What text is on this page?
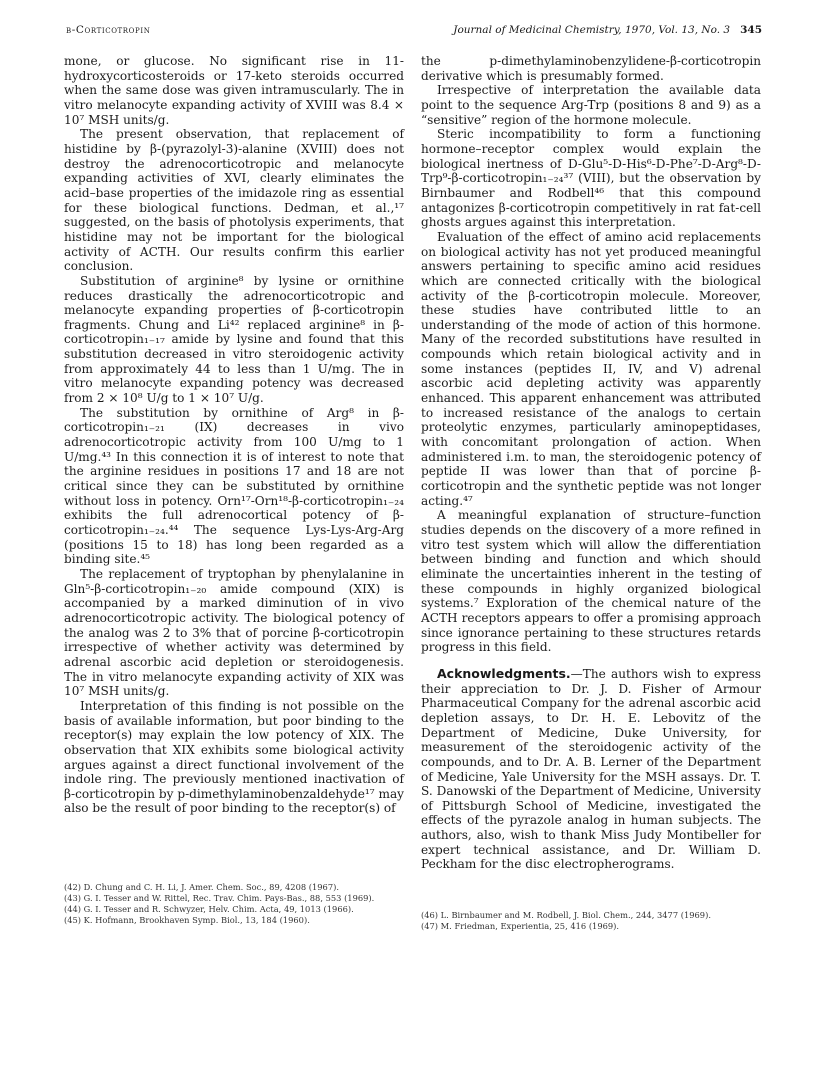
β-Corticotropin	Journal of Medicinal Chemistry, 1970, Vol. 13, No. 3 345

mone, or glucose. No significant rise in 11-hydroxycorticosteroids or 17-keto steroids occurred when the same dose was given intramuscularly. The in vitro melanocyte expanding activity of XVIII was 8.4 × 10⁷ MSH units/g.

The present observation, that replacement of histidine by β-(pyrazolyl-3)-alanine (XVIII) does not destroy the adrenocorticotropic and melanocyte expanding activities of XVI, clearly eliminates the acid–base properties of the imidazole ring as essential for these biological functions. Dedman, et al.,¹⁷ suggested, on the basis of photolysis experiments, that histidine may not be important for the biological activity of ACTH. Our results confirm this earlier conclusion.

Substitution of arginine⁸ by lysine or ornithine reduces drastically the adrenocorticotropic and melanocyte expanding properties of β-corticotropin fragments. Chung and Li⁴² replaced arginine⁸ in β-corticotropin₁₋₁₇ amide by lysine and found that this substitution decreased in vitro steroidogenic activity from approximately 44 to less than 1 U/mg. The in vitro melanocyte expanding potency was decreased from 2 × 10⁸ U/g to 1 × 10⁷ U/g.

The substitution by ornithine of Arg⁸ in β-corticotropin₁₋₂₁ (IX) decreases in vivo adrenocorticotropic activity from 100 U/mg to 1 U/mg.⁴³ In this connection it is of interest to note that the arginine residues in positions 17 and 18 are not critical since they can be substituted by ornithine without loss in potency. Orn¹⁷-Orn¹⁸-β-corticotropin₁₋₂₄ exhibits the full adrenocortical potency of β-corticotropin₁₋₂₄.⁴⁴ The sequence Lys-Lys-Arg-Arg (positions 15 to 18) has long been regarded as a binding site.⁴⁵

The replacement of tryptophan by phenylalanine in Gln⁵-β-corticotropin₁₋₂₀ amide compound (XIX) is accompanied by a marked diminution of in vivo adrenocorticotropic activity. The biological potency of the analog was 2 to 3% that of porcine β-corticotropin irrespective of whether activity was determined by adrenal ascorbic acid depletion or steroidogenesis. The in vitro melanocyte expanding activity of XIX was 10⁷ MSH units/g.

Interpretation of this finding is not possible on the basis of available information, but poor binding to the receptor(s) may explain the low potency of XIX. The observation that XIX exhibits some biological activity argues against a direct functional involvement of the indole ring. The previously mentioned inactivation of β-corticotropin by p-dimethylaminobenzaldehyde¹⁷ may also be the result of poor binding to the receptor(s) of

the p-dimethylaminobenzylidene-β-corticotropin derivative which is presumably formed.

Irrespective of interpretation the available data point to the sequence Arg-Trp (positions 8 and 9) as a “sensitive” region of the hormone molecule.

Steric incompatibility to form a functioning hormone–receptor complex would explain the biological inertness of D-Glu⁵-D-His⁶-D-Phe⁷-D-Arg⁸-D-Trp⁹-β-corticotropin₁₋₂₄³⁷ (VIII), but the observation by Birnbaumer and Rodbell⁴⁶ that this compound antagonizes β-corticotropin competitively in rat fat-cell ghosts argues against this interpretation.

Evaluation of the effect of amino acid replacements on biological activity has not yet produced meaningful answers pertaining to specific amino acid residues which are connected critically with the biological activity of the β-corticotropin molecule. Moreover, these studies have contributed little to an understanding of the mode of action of this hormone. Many of the recorded substitutions have resulted in compounds which retain biological activity and in some instances (peptides II, IV, and V) adrenal ascorbic acid depleting activity was apparently enhanced. This apparent enhancement was attributed to increased resistance of the analogs to certain proteolytic enzymes, particularly aminopeptidases, with concomitant prolongation of action. When administered i.m. to man, the steroidogenic potency of peptide II was lower than that of porcine β-corticotropin and the synthetic peptide was not longer acting.⁴⁷

A meaningful explanation of structure–function studies depends on the discovery of a more refined in vitro test system which will allow the differentiation between binding and function and which should eliminate the uncertainties inherent in the testing of these compounds in highly organized biological systems.⁷ Exploration of the chemical nature of the ACTH receptors appears to offer a promising approach since ignorance pertaining to these structures retards progress in this field.

Acknowledgments.—The authors wish to express their appreciation to Dr. J. D. Fisher of Armour Pharmaceutical Company for the adrenal ascorbic acid depletion assays, to Dr. H. E. Lebovitz of the Department of Medicine, Duke University, for measurement of the steroidogenic activity of the compounds, and to Dr. A. B. Lerner of the Department of Medicine, Yale University for the MSH assays. Dr. T. S. Danowski of the Department of Medicine, University of Pittsburgh School of Medicine, investigated the effects of the pyrazole analog in human subjects. The authors, also, wish to thank Miss Judy Montibeller for expert technical assistance, and Dr. William D. Peckham for the disc electropherograms.

(42) D. Chung and C. H. Li, J. Amer. Chem. Soc., 89, 4208 (1967).
(43) G. I. Tesser and W. Rittel, Rec. Trav. Chim. Pays-Bas., 88, 553 (1969).
(44) G. I. Tesser and R. Schwyzer, Helv. Chim. Acta, 49, 1013 (1966).
(45) K. Hofmann, Brookhaven Symp. Biol., 13, 184 (1960).	(46) L. Birnbaumer and M. Rodbell, J. Biol. Chem., 244, 3477 (1969).
(47) M. Friedman, Experientia, 25, 416 (1969).
